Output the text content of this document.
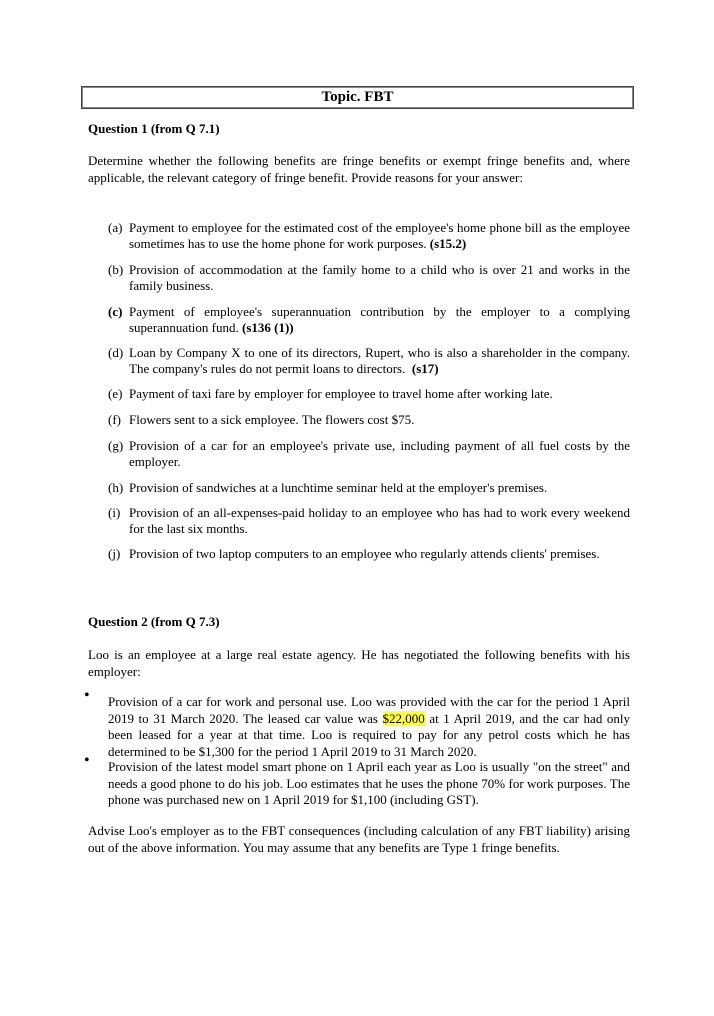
Topic. FBT
Question 1 (from Q 7.1)
Determine whether the following benefits are fringe benefits or exempt fringe benefits and, where applicable, the relevant category of fringe benefit. Provide reasons for your answer:
(a) Payment to employee for the estimated cost of the employee's home phone bill as the employee sometimes has to use the home phone for work purposes. (s15.2)
(b) Provision of accommodation at the family home to a child who is over 21 and works in the family business.
(c) Payment of employee's superannuation contribution by the employer to a complying superannuation fund. (s136 (1))
(d) Loan by Company X to one of its directors, Rupert, who is also a shareholder in the company. The company's rules do not permit loans to directors. (s17)
(e) Payment of taxi fare by employer for employee to travel home after working late.
(f) Flowers sent to a sick employee. The flowers cost $75.
(g) Provision of a car for an employee's private use, including payment of all fuel costs by the employer.
(h) Provision of sandwiches at a lunchtime seminar held at the employer's premises.
(i) Provision of an all-expenses-paid holiday to an employee who has had to work every weekend for the last six months.
(j) Provision of two laptop computers to an employee who regularly attends clients' premises.
Question 2 (from Q 7.3)
Loo is an employee at a large real estate agency. He has negotiated the following benefits with his employer:
• Provision of a car for work and personal use. Loo was provided with the car for the period 1 April 2019 to 31 March 2020. The leased car value was $22,000 at 1 April 2019, and the car had only been leased for a year at that time. Loo is required to pay for any petrol costs which he has determined to be $1,300 for the period 1 April 2019 to 31 March 2020.
• Provision of the latest model smart phone on 1 April each year as Loo is usually "on the street" and needs a good phone to do his job. Loo estimates that he uses the phone 70% for work purposes. The phone was purchased new on 1 April 2019 for $1,100 (including GST).
Advise Loo's employer as to the FBT consequences (including calculation of any FBT liability) arising out of the above information. You may assume that any benefits are Type 1 fringe benefits.
